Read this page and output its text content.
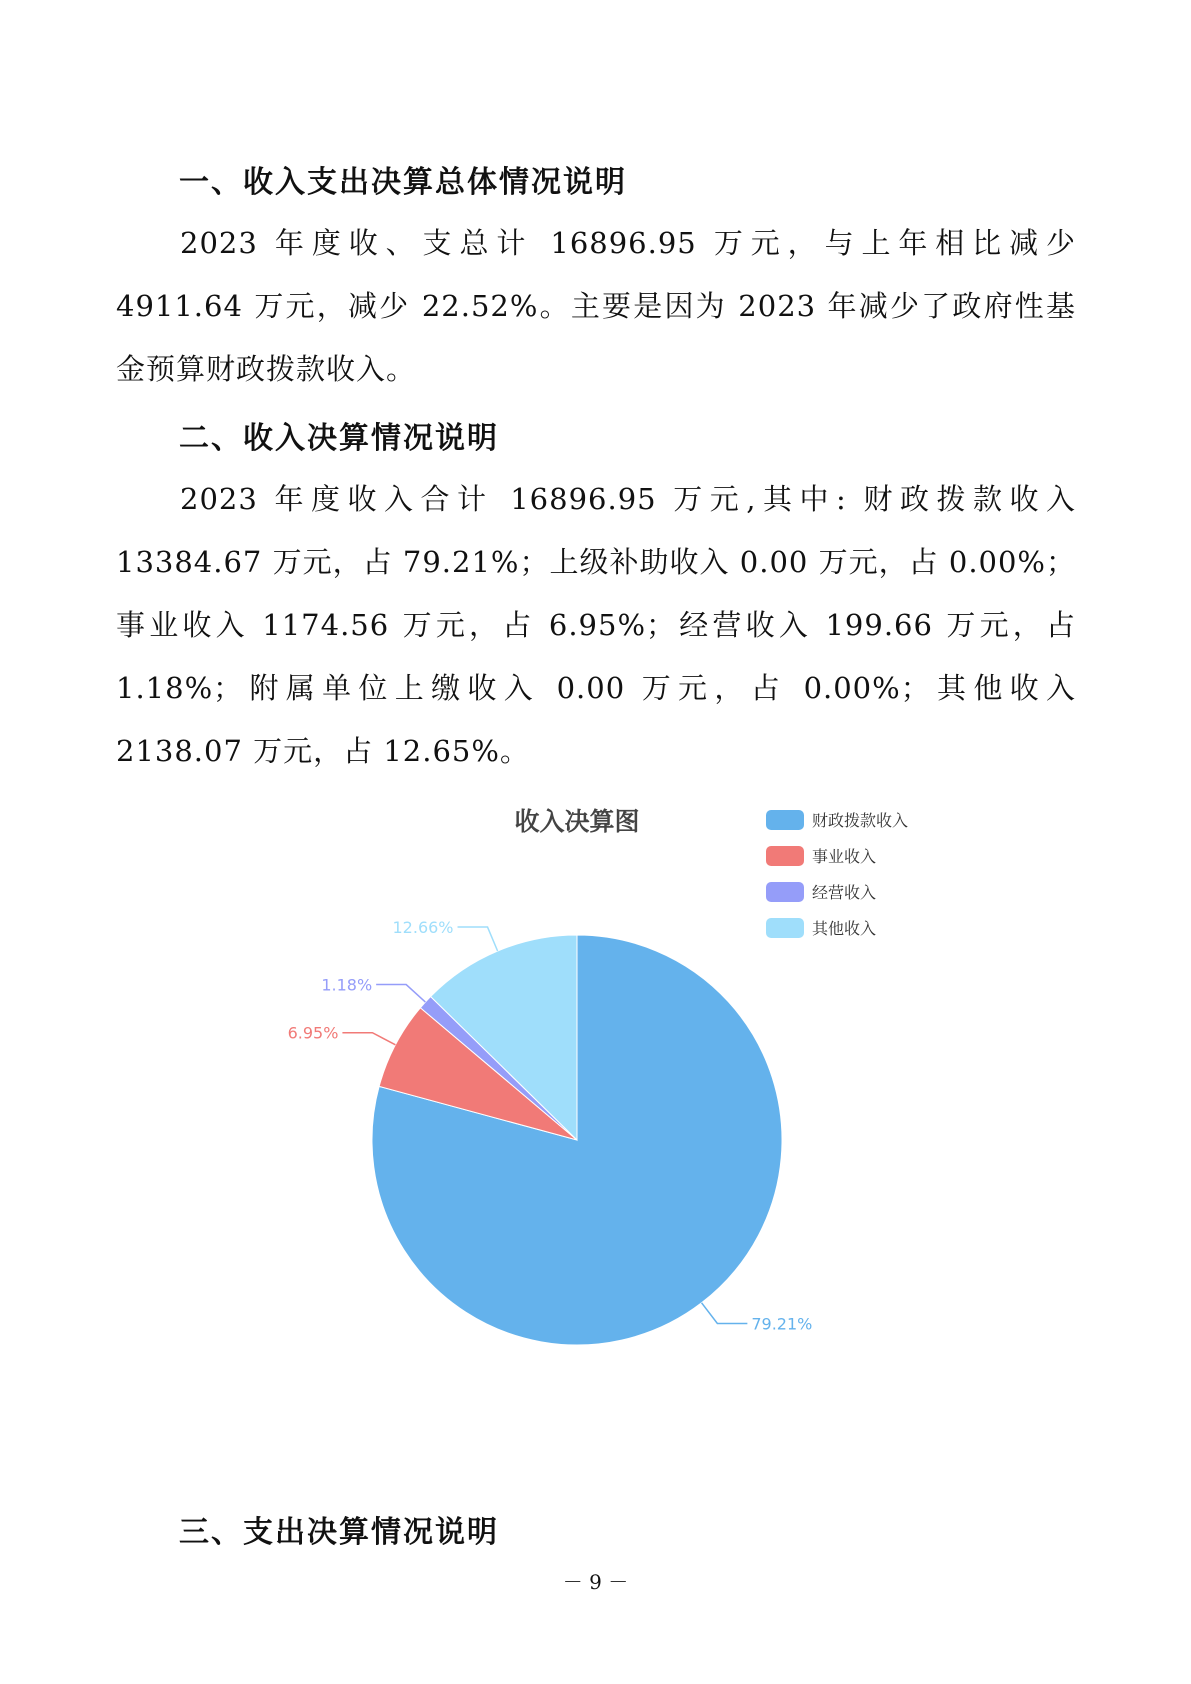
一、收入支出决算总体情况说明
2023 年度收、支总计 16896.95 万元，与上年相比减少 4911.64 万元，减少 22.52%。主要是因为 2023 年减少了政府性基金预算财政拨款收入。
二、收入决算情况说明
2023 年度收入合计 16896.95 万元,其中: 财政拨款收入 13384.67 万元，占 79.21%；上级补助收入 0.00 万元，占 0.00%；事业收入 1174.56 万元，占 6.95%；经营收入 199.66 万元，占 1.18%；附属单位上缴收入 0.00 万元，占 0.00%；其他收入 2138.07 万元，占 12.65%。
收入决算图
79.21%
6.95%
1.18%
12.66%
财政拨款收入
事业收入
经营收入
其他收入
三、支出决算情况说明
－ 9 －
